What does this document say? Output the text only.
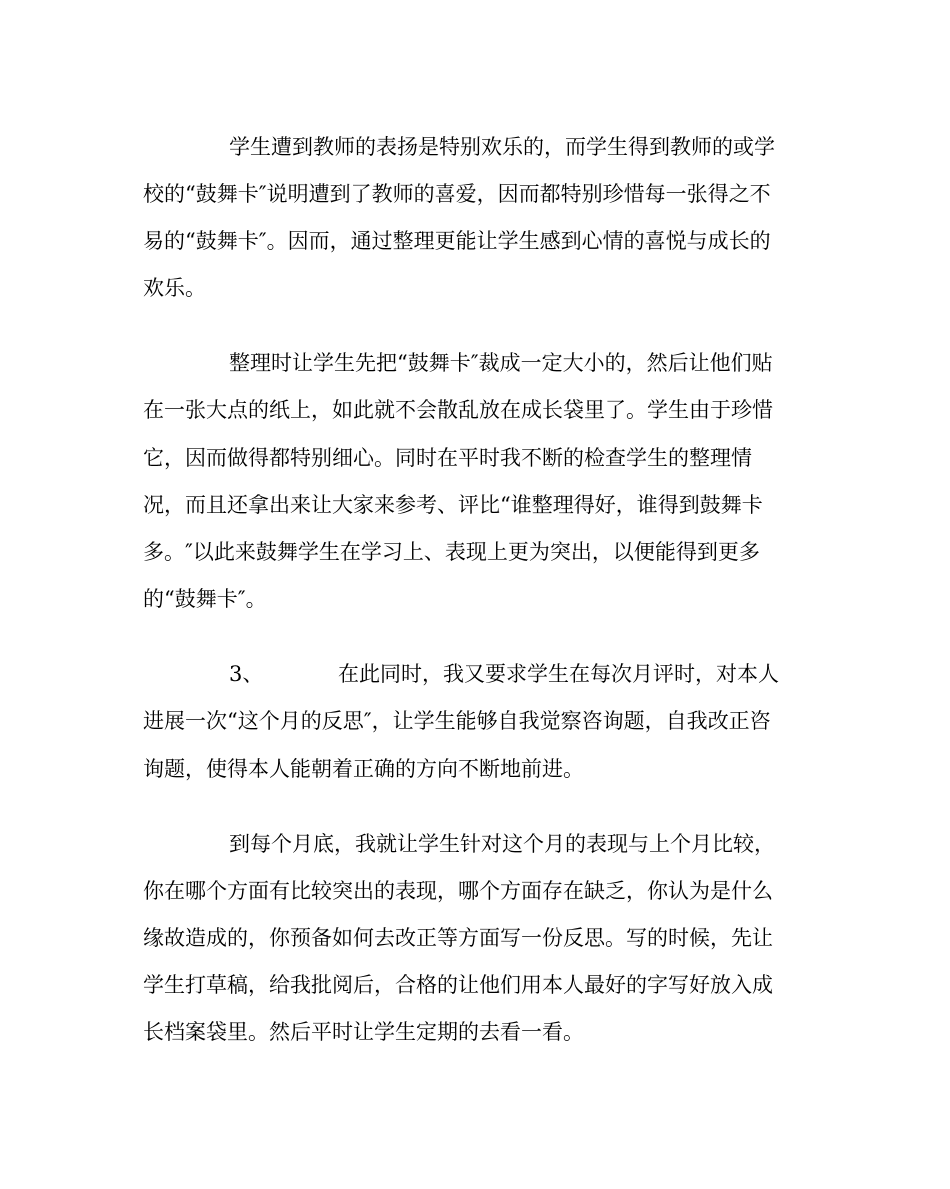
学生遭到教师的表扬是特别欢乐的，而学生得到教师的或学
校的“鼓舞卡″说明遭到了教师的喜爱，因而都特别珍惜每一张得之不
易的“鼓舞卡″。因而，通过整理更能让学生感到心情的喜悦与成长的
欢乐。
整理时让学生先把“鼓舞卡″裁成一定大小的，然后让他们贴
在一张大点的纸上，如此就不会散乱放在成长袋里了。学生由于珍惜
它，因而做得都特别细心。同时在平时我不断的检查学生的整理情
况，而且还拿出来让大家来参考、评比“谁整理得好，谁得到鼓舞卡
多。″以此来鼓舞学生在学习上、表现上更为突出，以便能得到更多
的“鼓舞卡″。
3、	在此同时，我又要求学生在每次月评时，对本人
进展一次“这个月的反思″，让学生能够自我觉察咨询题，自我改正咨
询题，使得本人能朝着正确的方向不断地前进。
到每个月底，我就让学生针对这个月的表现与上个月比较，
你在哪个方面有比较突出的表现，哪个方面存在缺乏，你认为是什么
缘故造成的，你预备如何去改正等方面写一份反思。写的时候，先让
学生打草稿，给我批阅后，合格的让他们用本人最好的字写好放入成
长档案袋里。然后平时让学生定期的去看一看。
